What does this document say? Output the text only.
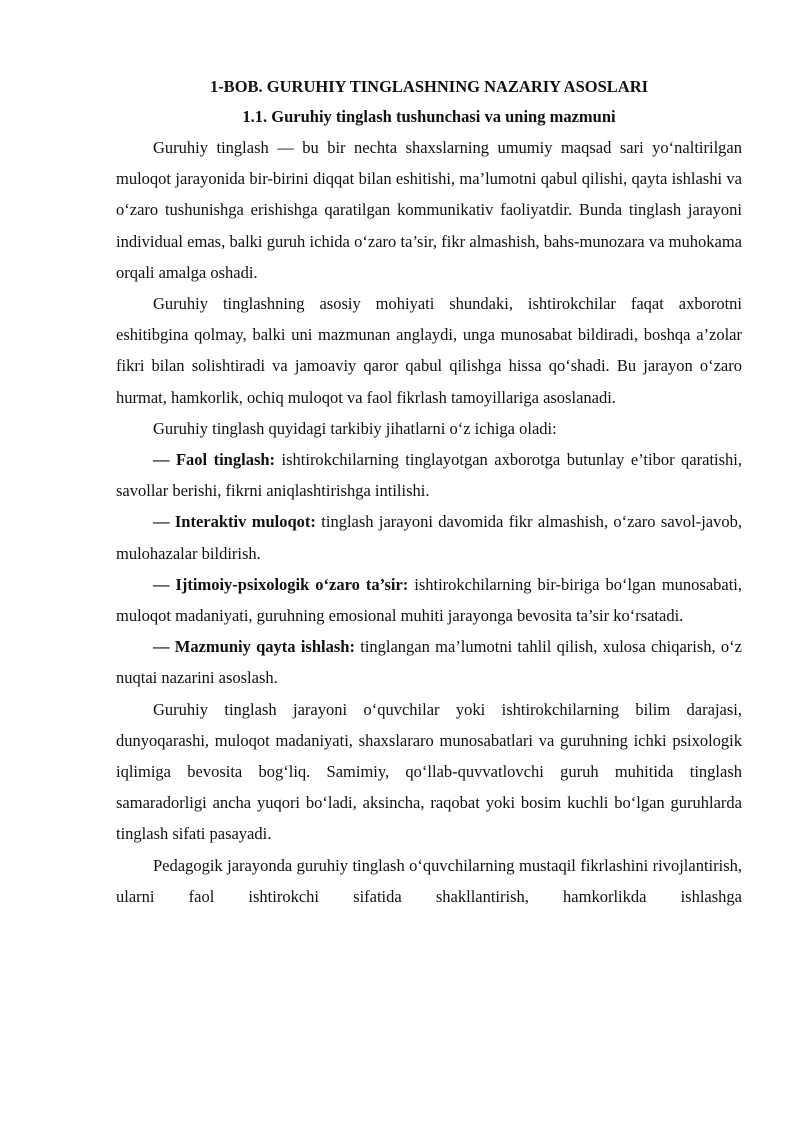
1-BOB. GURUHIY TINGLASHNING NAZARIY ASOSLARI
1.1. Guruhiy tinglash tushunchasi va uning mazmuni

Guruhiy tinglash — bu bir nechta shaxslarning umumiy maqsad sari yo‘naltirilgan muloqot jarayonida bir-birini diqqat bilan eshitishi, ma’lumotni qabul qilishi, qayta ishlashi va o‘zaro tushunishga erishishga qaratilgan kommunikativ faoliyatdir. Bunda tinglash jarayoni individual emas, balki guruh ichida o‘zaro ta’sir, fikr almashish, bahs-munozara va muhokama orqali amalga oshadi.

Guruhiy tinglashning asosiy mohiyati shundaki, ishtirokchilar faqat axborotni eshitibgina qolmay, balki uni mazmunan anglaydi, unga munosabat bildiradi, boshqa a’zolar fikri bilan solishtiradi va jamoaviy qaror qabul qilishga hissa qo‘shadi. Bu jarayon o‘zaro hurmat, hamkorlik, ochiq muloqot va faol fikrlash tamoyillariga asoslanadi.

Guruhiy tinglash quyidagi tarkibiy jihatlarni o‘z ichiga oladi:

— Faol tinglash: ishtirokchilarning tinglayotgan axborotga butunlay e’tibor qaratishi, savollar berishi, fikrni aniqlashtirishga intilishi.

— Interaktiv muloqot: tinglash jarayoni davomida fikr almashish, o‘zaro savol-javob, mulohazalar bildirish.

— Ijtimoiy-psixologik o‘zaro ta’sir: ishtirokchilarning bir-biriga bo‘lgan munosabati, muloqot madaniyati, guruhning emosional muhiti jarayonga bevosita ta’sir ko‘rsatadi.

— Mazmuniy qayta ishlash: tinglangan ma’lumotni tahlil qilish, xulosa chiqarish, o‘z nuqtai nazarini asoslash.

Guruhiy tinglash jarayoni o‘quvchilar yoki ishtirokchilarning bilim darajasi, dunyoqarashi, muloqot madaniyati, shaxslararo munosabatlari va guruhning ichki psixologik iqlimiga bevosita bog‘liq. Samimiy, qo‘llab-quvvatlovchi guruh muhitida tinglash samaradorligi ancha yuqori bo‘ladi, aksincha, raqobat yoki bosim kuchli bo‘lgan guruhlarda tinglash sifati pasayadi.

Pedagogik jarayonda guruhiy tinglash o‘quvchilarning mustaqil fikrlashini rivojlantirish, ularni faol ishtirokchi sifatida shakllantirish, hamkorlikda ishlashga
